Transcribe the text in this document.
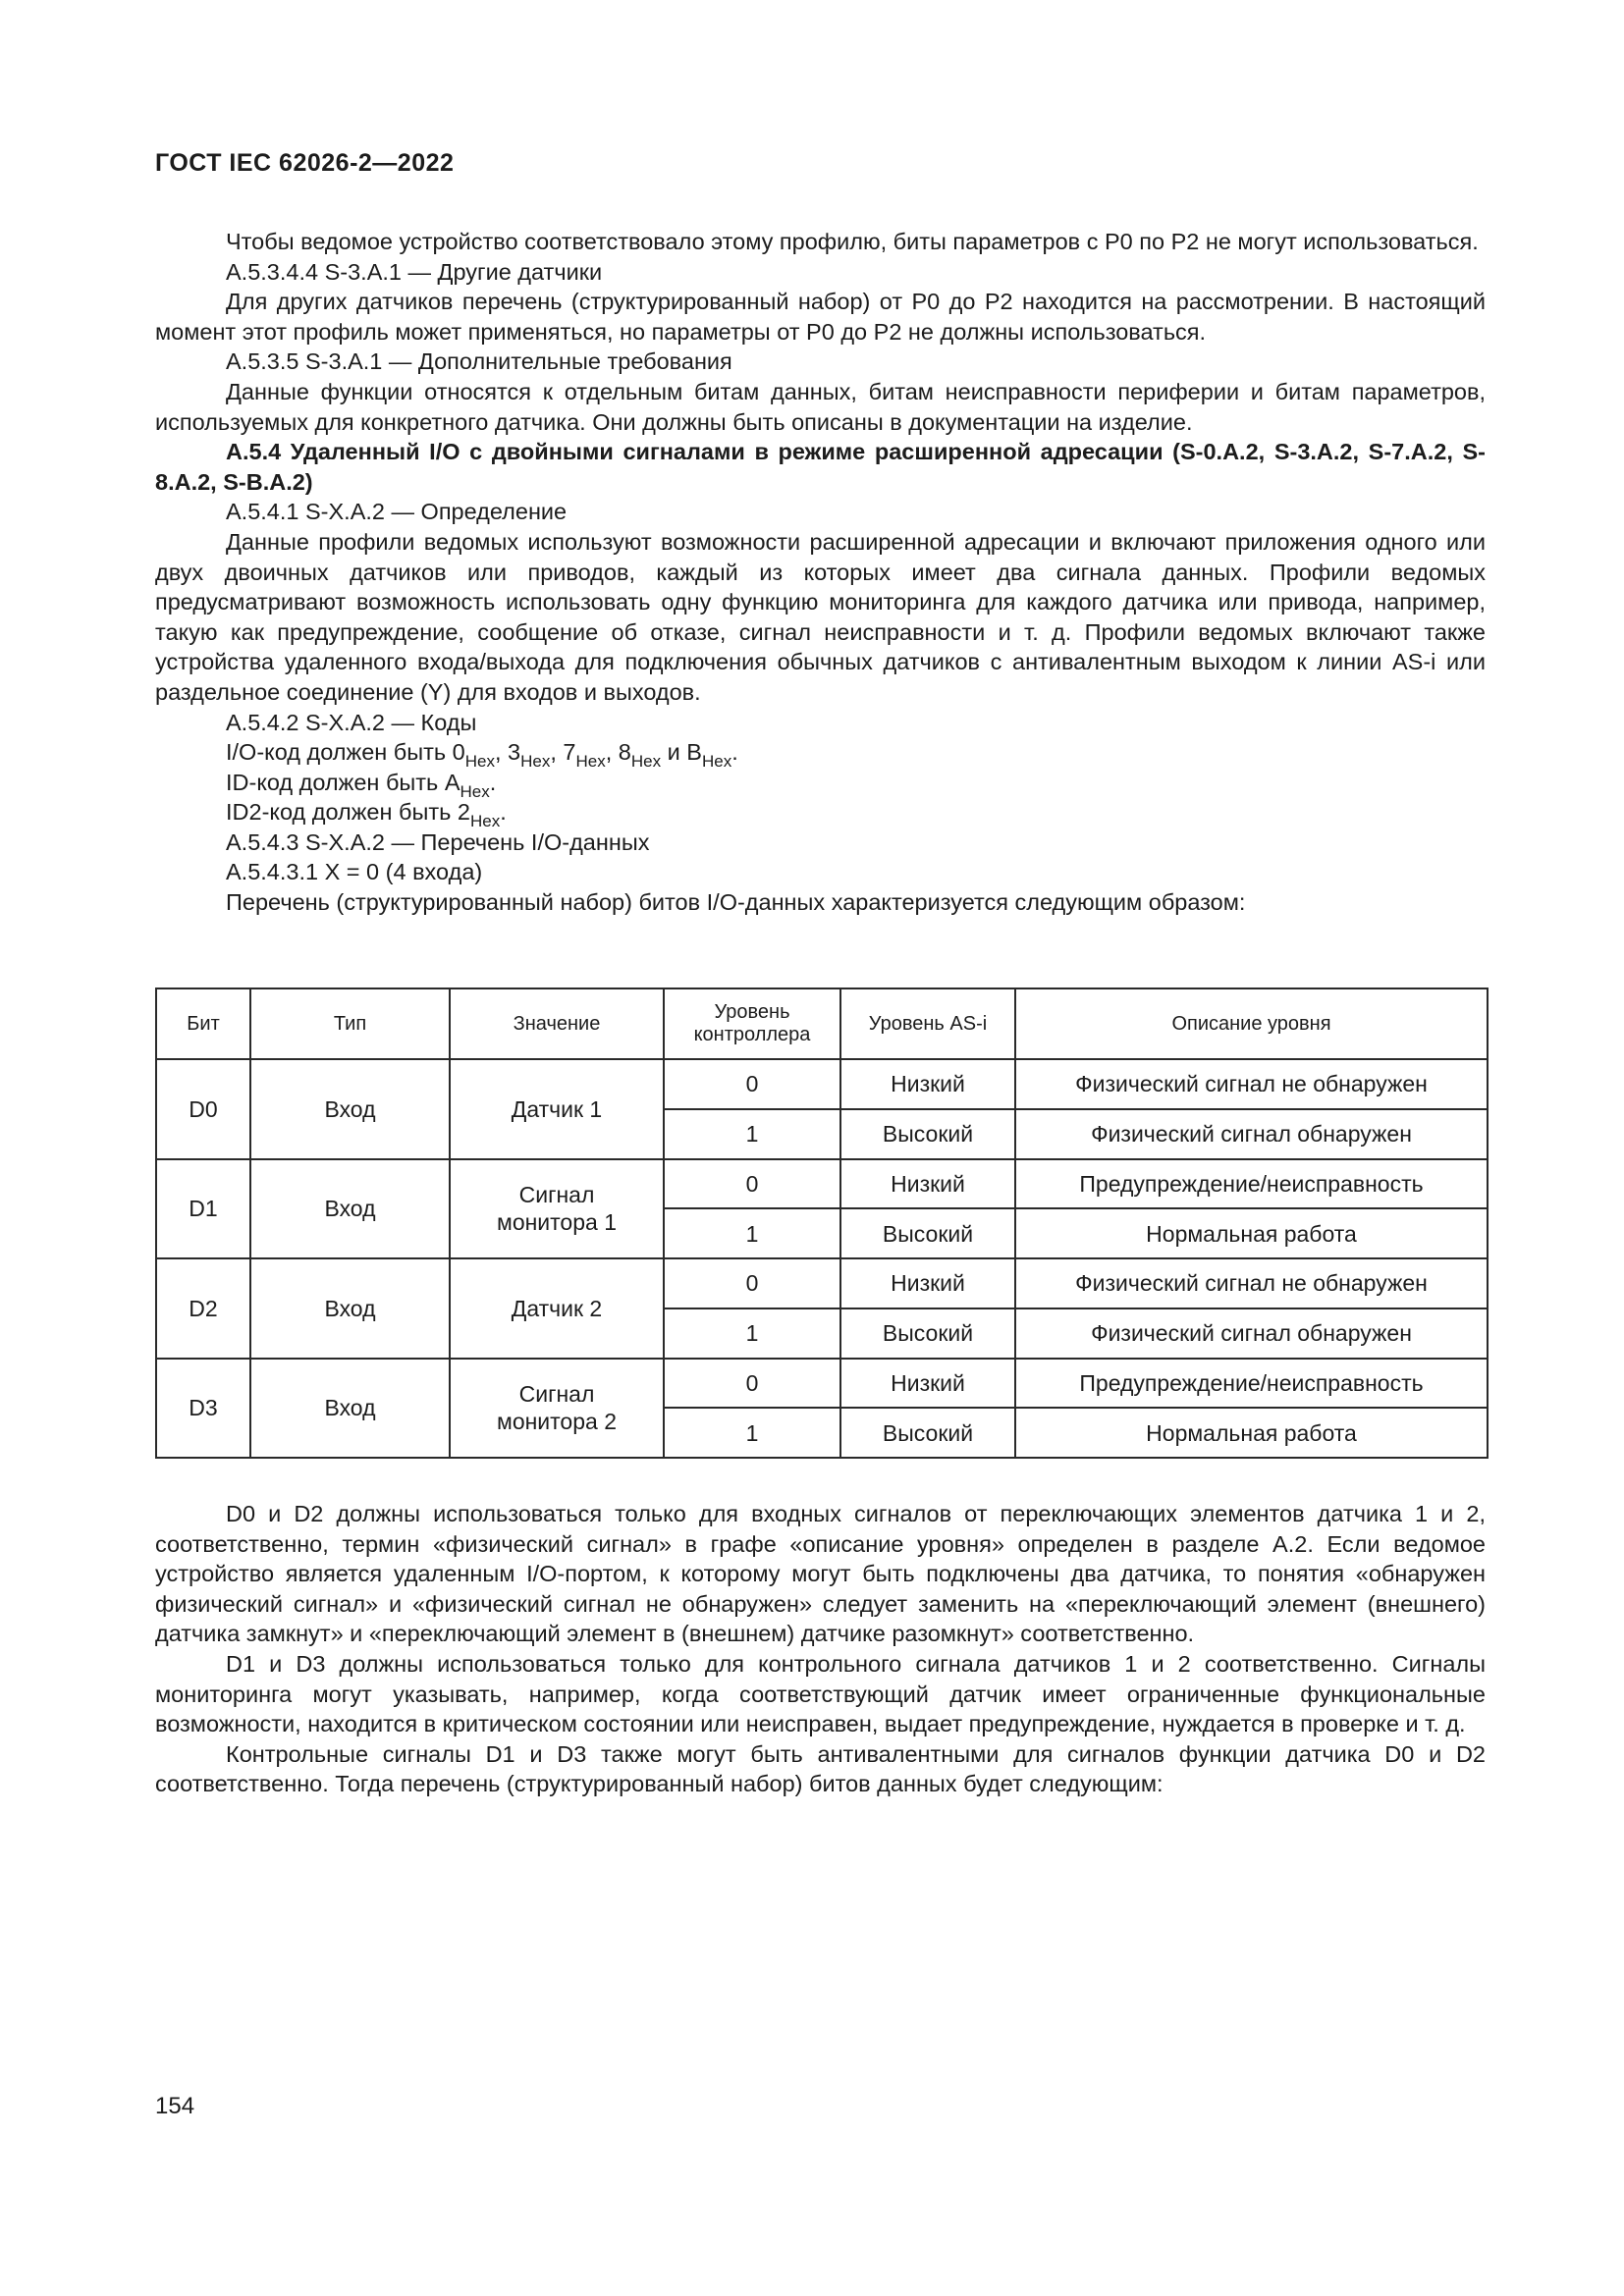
ГОСТ IEC 62026-2—2022

Чтобы ведомое устройство соответствовало этому профилю, биты параметров с P0 по P2 не могут использоваться.

А.5.3.4.4 S-3.A.1 — Другие датчики

Для других датчиков перечень (структурированный набор) от P0 до P2 находится на рассмотрении. В настоящий момент этот профиль может применяться, но параметры от P0 до P2 не должны использоваться.

А.5.3.5 S-3.A.1 — Дополнительные требования

Данные функции относятся к отдельным битам данных, битам неисправности периферии и битам параметров, используемых для конкретного датчика. Они должны быть описаны в документации на изделие.

А.5.4 Удаленный I/O с двойными сигналами в режиме расширенной адресации (S-0.A.2, S-3.A.2, S-7.A.2, S-8.A.2, S-B.A.2)

А.5.4.1 S-X.A.2 — Определение

Данные профили ведомых используют возможности расширенной адресации и включают приложения одного или двух двоичных датчиков или приводов, каждый из которых имеет два сигнала данных. Профили ведомых предусматривают возможность использовать одну функцию мониторинга для каждого датчика или привода, например, такую как предупреждение, сообщение об отказе, сигнал неисправности и т. д. Профили ведомых включают также устройства удаленного входа/выхода для подключения обычных датчиков с антивалентным выходом к линии AS-i или раздельное соединение (Y) для входов и выходов.

А.5.4.2 S-X.A.2 — Коды

I/O-код должен быть $0_{Hex}$, $3_{Hex}$, $7_{Hex}$, $8_{Hex}$ и $B_{Hex}$.

ID-код должен быть $A_{Hex}$.

ID2-код должен быть $2_{Hex}$.

А.5.4.3 S-X.A.2 — Перечень I/O-данных

А.5.4.3.1 X = 0 (4 входа)

Перечень (структурированный набор) битов I/O-данных характеризуется следующим образом:

Бит	Тип	Значение	Уровень контроллера	Уровень AS-i	Описание уровня
D0	Вход	Датчик 1	0	Низкий	Физический сигнал не обнаружен
			1	Высокий	Физический сигнал обнаружен
D1	Вход	Сигнал монитора 1	0	Низкий	Предупреждение/неисправность
			1	Высокий	Нормальная работа
D2	Вход	Датчик 2	0	Низкий	Физический сигнал не обнаружен
			1	Высокий	Физический сигнал обнаружен
D3	Вход	Сигнал монитора 2	0	Низкий	Предупреждение/неисправность
			1	Высокий	Нормальная работа

D0 и D2 должны использоваться только для входных сигналов от переключающих элементов датчика 1 и 2, соответственно, термин «физический сигнал» в графе «описание уровня» определен в разделе А.2. Если ведомое устройство является удаленным I/O-портом, к которому могут быть подключены два датчика, то понятия «обнаружен физический сигнал» и «физический сигнал не обнаружен» следует заменить на «переключающий элемент (внешнего) датчика замкнут» и «переключающий элемент в (внешнем) датчике разомкнут» соответственно.

D1 и D3 должны использоваться только для контрольного сигнала датчиков 1 и 2 соответственно. Сигналы мониторинга могут указывать, например, когда соответствующий датчик имеет ограниченные функциональные возможности, находится в критическом состоянии или неисправен, выдает предупреждение, нуждается в проверке и т. д.

Контрольные сигналы D1 и D3 также могут быть антивалентными для сигналов функции датчика D0 и D2 соответственно. Тогда перечень (структурированный набор) битов данных будет следующим:

154
